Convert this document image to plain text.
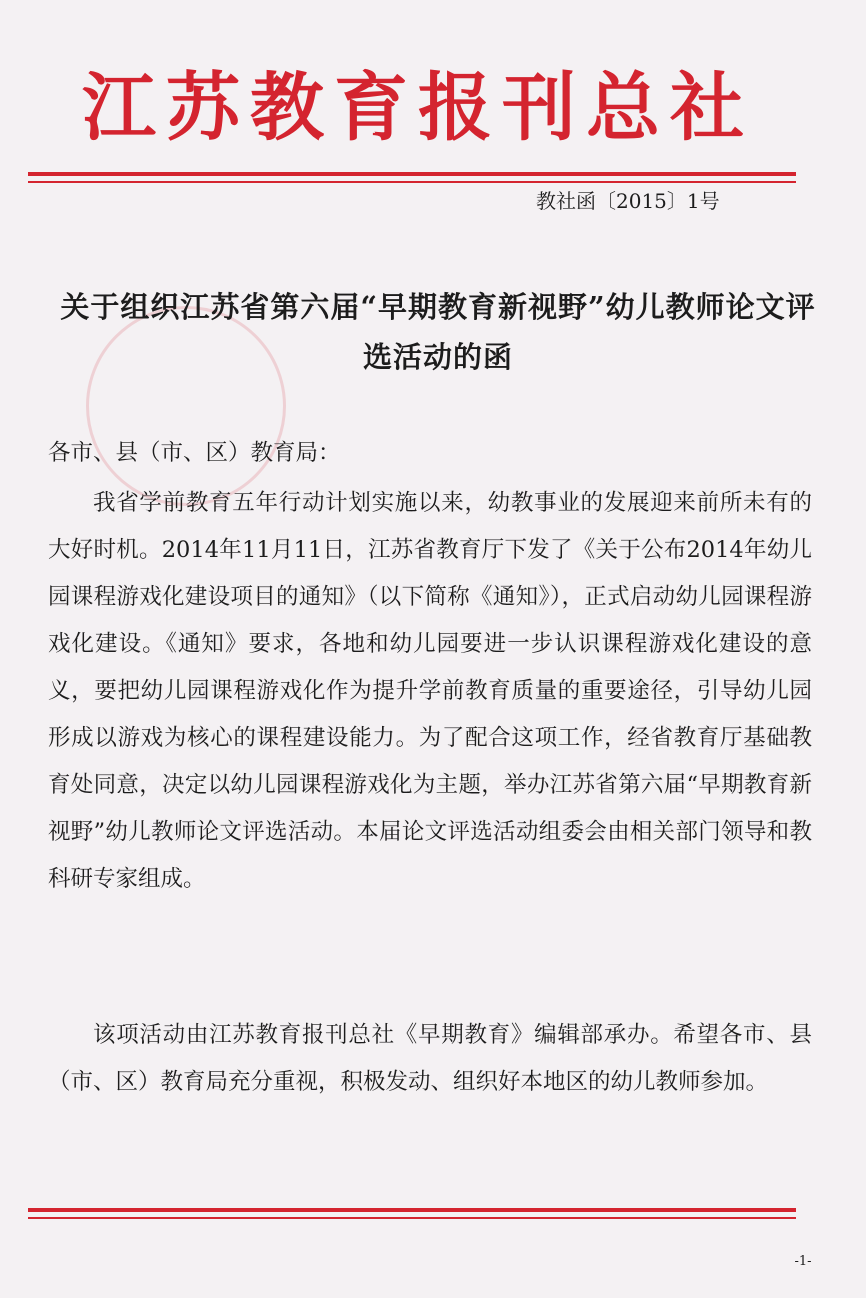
江苏教育报刊总社
教社函〔2015〕1号
关于组织江苏省第六届“早期教育新视野”幼儿教师论文评选活动的函
各市、县（市、区）教育局：
我省学前教育五年行动计划实施以来，幼教事业的发展迎来前所未有的大好时机。2014年11月11日，江苏省教育厅下发了《关于公布2014年幼儿园课程游戏化建设项目的通知》（以下简称《通知》），正式启动幼儿园课程游戏化建设。《通知》要求，各地和幼儿园要进一步认识课程游戏化建设的意义，要把幼儿园课程游戏化作为提升学前教育质量的重要途径，引导幼儿园形成以游戏为核心的课程建设能力。为了配合这项工作，经省教育厅基础教育处同意，决定以幼儿园课程游戏化为主题，举办江苏省第六届“早期教育新视野”幼儿教师论文评选活动。本届论文评选活动组委会由相关部门领导和教科研专家组成。
该项活动由江苏教育报刊总社《早期教育》编辑部承办。希望各市、县（市、区）教育局充分重视，积极发动、组织好本地区的幼儿教师参加。
-1-
